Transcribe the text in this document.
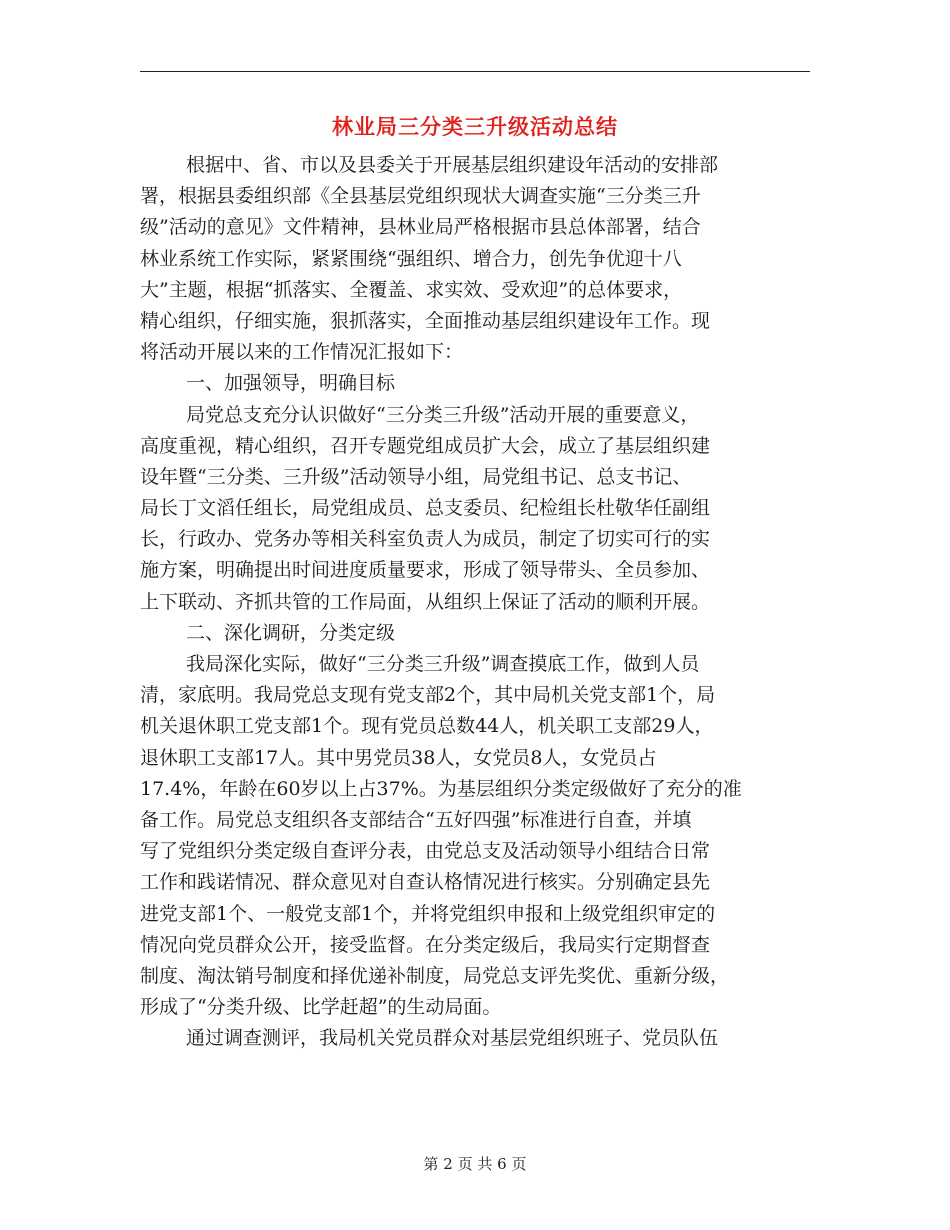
林业局三分类三升级活动总结
根据中、省、市以及县委关于开展基层组织建设年活动的安排部
署，根据县委组织部《全县基层党组织现状大调查实施“三分类三升
级”活动的意见》文件精神，县林业局严格根据市县总体部署，结合
林业系统工作实际，紧紧围绕“强组织、增合力，创先争优迎十八
大”主题，根据“抓落实、全覆盖、求实效、受欢迎”的总体要求，
精心组织，仔细实施，狠抓落实，全面推动基层组织建设年工作。现
将活动开展以来的工作情况汇报如下：
一、加强领导，明确目标
局党总支充分认识做好“三分类三升级”活动开展的重要意义，
高度重视，精心组织，召开专题党组成员扩大会，成立了基层组织建
设年暨“三分类、三升级”活动领导小组，局党组书记、总支书记、
局长丁文滔任组长，局党组成员、总支委员、纪检组长杜敬华任副组
长，行政办、党务办等相关科室负责人为成员，制定了切实可行的实
施方案，明确提出时间进度质量要求，形成了领导带头、全员参加、
上下联动、齐抓共管的工作局面，从组织上保证了活动的顺利开展。
二、深化调研，分类定级
我局深化实际，做好“三分类三升级”调查摸底工作，做到人员
清，家底明。我局党总支现有党支部2个，其中局机关党支部1个，局
机关退休职工党支部1个。现有党员总数44人，机关职工支部29人，
退休职工支部17人。其中男党员38人，女党员8人，女党员占
17.4%，年龄在60岁以上占37%。为基层组织分类定级做好了充分的准
备工作。局党总支组织各支部结合“五好四强”标准进行自查，并填
写了党组织分类定级自查评分表，由党总支及活动领导小组结合日常
工作和践诺情况、群众意见对自查认格情况进行核实。分别确定县先
进党支部1个、一般党支部1个，并将党组织申报和上级党组织审定的
情况向党员群众公开，接受监督。在分类定级后，我局实行定期督查
制度、淘汰销号制度和择优递补制度，局党总支评先奖优、重新分级，
形成了“分类升级、比学赶超”的生动局面。
通过调查测评，我局机关党员群众对基层党组织班子、党员队伍
第 2 页 共 6 页
